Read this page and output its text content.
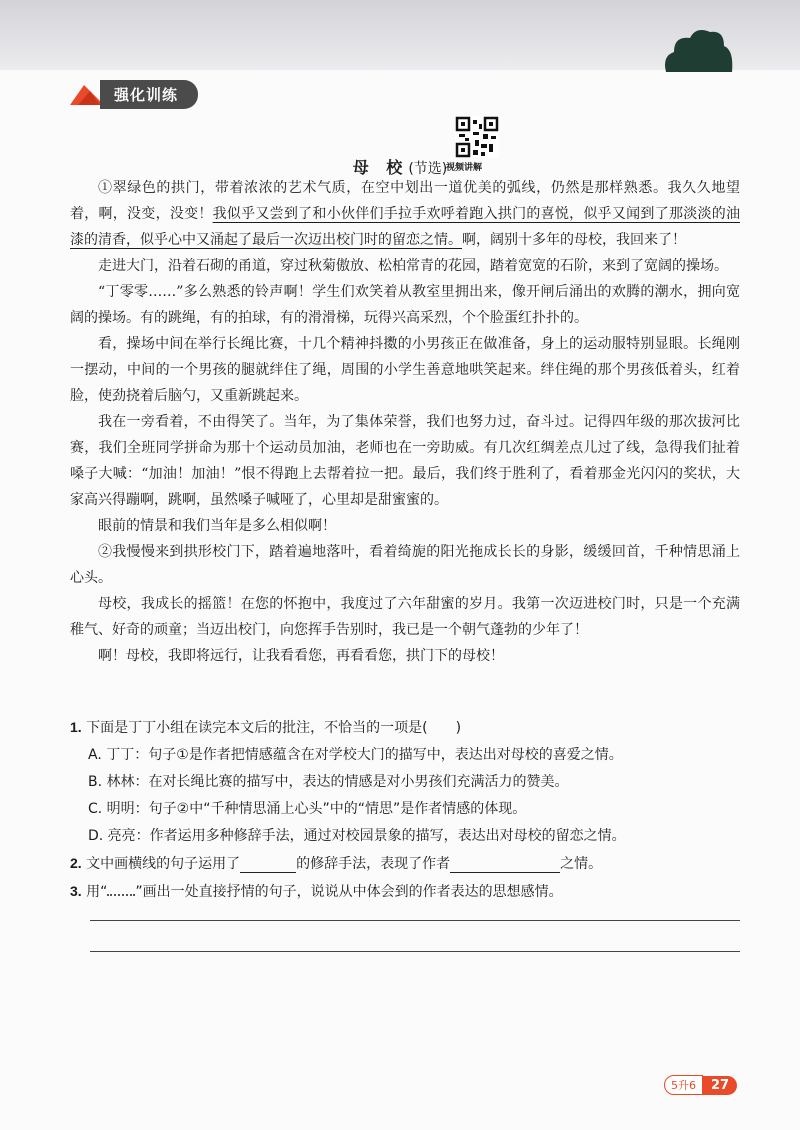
强化训练
视频讲解
母 校(节选)

①翠绿色的拱门，带着浓浓的艺术气质，在空中划出一道优美的弧线，仍然是那样熟悉。我久久地望着，啊，没变，没变！我似乎又尝到了和小伙伴们手拉手欢呼着跑入拱门的喜悦，似乎又闻到了那淡淡的油漆的清香，似乎心中又涌起了最后一次迈出校门时的留恋之情。啊，阔别十多年的母校，我回来了！

走进大门，沿着石砌的甬道，穿过秋菊傲放、松柏常青的花园，踏着宽宽的石阶，来到了宽阔的操场。

“丁零零……”多么熟悉的铃声啊！学生们欢笑着从教室里拥出来，像开闸后涌出的欢腾的潮水，拥向宽阔的操场。有的跳绳，有的拍球，有的滑滑梯，玩得兴高采烈，个个脸蛋红扑扑的。

看，操场中间在举行长绳比赛，十几个精神抖擞的小男孩正在做准备，身上的运动服特别显眼。长绳刚一摆动，中间的一个男孩的腿就绊住了绳，周围的小学生善意地哄笑起来。绊住绳的那个男孩低着头，红着脸，使劲挠着后脑勺，又重新跳起来。

我在一旁看着，不由得笑了。当年，为了集体荣誉，我们也努力过，奋斗过。记得四年级的那次拔河比赛，我们全班同学拼命为那十个运动员加油，老师也在一旁助威。有几次红绸差点儿过了线，急得我们扯着嗓子大喊：“加油！加油！”恨不得跑上去帮着拉一把。最后，我们终于胜利了，看着那金光闪闪的奖状，大家高兴得蹦啊，跳啊，虽然嗓子喊哑了，心里却是甜蜜蜜的。

眼前的情景和我们当年是多么相似啊！

②我慢慢来到拱形校门下，踏着遍地落叶，看着绮旎的阳光拖成长长的身影，缓缓回首，千种情思涌上心头。

母校，我成长的摇篮！在您的怀抱中，我度过了六年甜蜜的岁月。我第一次迈进校门时，只是一个充满稚气、好奇的顽童；当迈出校门，向您挥手告别时，我已是一个朝气蓬勃的少年了！

啊！母校，我即将远行，让我看看您，再看看您，拱门下的母校！

1. 下面是丁丁小组在读完本文后的批注，不恰当的一项是(　　)

A. 丁丁：句子①是作者把情感蕴含在对学校大门的描写中，表达出对母校的喜爱之情。

B. 林林：在对长绳比赛的描写中，表达的情感是对小男孩们充满活力的赞美。

C. 明明：句子②中“千种情思涌上心头”中的“情思”是作者情感的体现。

D. 亮亮：作者运用多种修辞手法，通过对校园景象的描写，表达出对母校的留恋之情。

2. 文中画横线的句子运用了	的修辞手法，表现了作者	之情。

3. 用“ ”画出一处直接抒情的句子，说说从中体会到的作者表达的思想感情。

5升6	27
